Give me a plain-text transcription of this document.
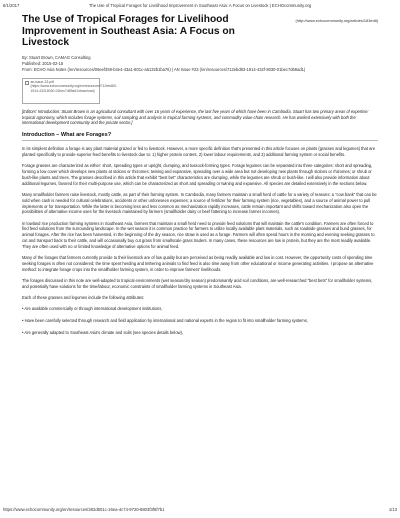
6/1/2017	The Use of Tropical Forages for Livelihood Improvement in Southeast Asia: A Focus on Livestock | ECHOcommunity.org
(http://www.echocommunity.org/articles/183edit)
The Use of Tropical Forages for Livelihood Improvement in Southeast Asia: A Focus on Livestock
By: Stuart Brown, CAMAG Consulting
Published: 2015-02-15
From: ECHO Asia Notes (/en/resources/06eef359-b4e4-43a1-801c-a6132b1ba76) | AN Issue #23 (/en/resources/712ebd83-1914-432f-8030-01bec7d69ad1)
an-issue-23.pdf (https://www.echocommunity.org/en/resources/712ebd83-1914-432f-8030-01bec7d69ad1/download)

[Editors' Introduction: Stuart Brown is an agricultural consultant with over 16 years of experience, the last five years of which have been in Cambodia. Stuart has two primary areas of expertise: tropical agronomy, which includes forage systems, soil sampling and analysis in tropical farming systems, and commodity value chain research. He has worked extensively with both the international development community and the private sector.]

Introduction – What are Forages?

In its simplest definition a forage is any plant material grazed or fed to livestock. However, a more specific definition that's presented in this article focuses on plants (grasses and legumes) that are planted specifically to provide superior feed benefits to livestock due to: 1) higher protein content, 2) lower labour requirements, and 3) additional farming system or social benefits.

Forage grasses are characterized as either: short, spreading types or upright, clumping, and tussock-forming types. Forage legumes can be separated into three categories: short and spreading, forming a low cover which develops new plants at stolons or rhizomes; twining and expansive, spreading over a wide area but not developing new plants through stolons or rhizomes; or shrub or bush-like plants and trees. The grasses described in this article that exhibit "best bet" characteristics are clumping, while the legumes are shrub or bush-like. I will also provide information about additional legumes, favored for their multi-purpose use, which can be characterized as short and spreading or twining and expansive. All species are detailed extensively in the sections below.

Many smallholder farmers raise livestock, mostly cattle, as part of their farming system. In Cambodia, many farmers maintain a small herd of cattle for a variety of reasons: a "cow bank" that can be sold when cash is needed for cultural celebrations, accidents or other unforeseen expenses; a source of fertilizer for their farming system (rice, vegetables), and a source of animal power to pull implements or for transportation. While the latter is becoming less and less common as mechanization rapidly increases, cattle remain important and shifts toward mechanization also open the possibilities of alternative income uses for the livestock maintained by farmers (smallholder dairy or beef fattening to increase farmer incomes).

In lowland rice production farming systems in Southeast Asia, farmers that maintain a small herd need to provide feed solutions that will maintain the cattle's condition. Farmers are often forced to find feed solutions from the surrounding landscape. In the wet season it is common practice for farmers to utilize locally available plant materials, such as roadside grasses and bund grasses, for animal forages. After the rice has been harvested, in the beginning of the dry season, rice straw is used as a forage. Farmers will often spend hours in the morning and evening seeking grasses to cut and transport back to their cattle, and will occasionally buy cut grass from smallscale grass traders. In many cases, these resources are low in protein, but they are the most readily available. They are often used with no or limited knowledge of alternative options for animal feed.

Many of the forages that farmers currently provide to their livestock are of low quality but are perceived as being readily available and low in cost. However, the opportunity costs of spending time seeking forages is often not considered; the time spent herding and tethering animals to find feed is also time away from other educational or income generating activities. I propose an alternative method: to integrate forage crops into the smallholder farming system, in order to improve farmers' livelihoods.

The forages discussed in this note are well-adapted to tropical environments (wet season/dry season) predominantly acid soil conditions, are well-researched "best bets" for smallholder systems, and potentially have solutions for the time/labour, economic constraints of smallholder farming systems in Southeast Asia.

Each of these grasses and legumes include the following attributes:

• Are available commercially or through international development institutions,
• Have been carefully selected through research and field application by international and national experts in the region to fit into smallholder farming systems,
• Are generally adapted to Southeast Asia's climate and soils (see species details below),
https://www.echocommunity.org/en/resources/282d601c-16ea-4c74-9720-6803f3f6f7b1	1/13
